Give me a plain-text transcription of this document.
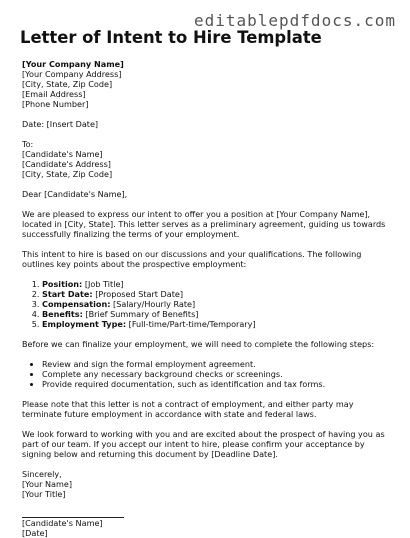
editablepdfdocs.com
Letter of Intent to Hire Template

[Your Company Name]
[Your Company Address]
[City, State, Zip Code]
[Email Address]
[Phone Number]

Date: [Insert Date]

To:
[Candidate's Name]
[Candidate's Address]
[City, State, Zip Code]

Dear [Candidate's Name],

We are pleased to express our intent to offer you a position at [Your Company Name],
located in [City, State]. This letter serves as a preliminary agreement, guiding us towards
successfully finalizing the terms of your employment.

This intent to hire is based on our discussions and your qualifications. The following
outlines key points about the prospective employment:

1. Position: [Job Title]
2. Start Date: [Proposed Start Date]
3. Compensation: [Salary/Hourly Rate]
4. Benefits: [Brief Summary of Benefits]
5. Employment Type: [Full-time/Part-time/Temporary]

Before we can finalize your employment, we will need to complete the following steps:

• Review and sign the formal employment agreement.
• Complete any necessary background checks or screenings.
• Provide required documentation, such as identification and tax forms.

Please note that this letter is not a contract of employment, and either party may
terminate future employment in accordance with state and federal laws.

We look forward to working with you and are excited about the prospect of having you as
part of our team. If you accept our intent to hire, please confirm your acceptance by
signing below and returning this document by [Deadline Date].

Sincerely,
[Your Name]
[Your Title]

[Candidate's Name]
[Date]
